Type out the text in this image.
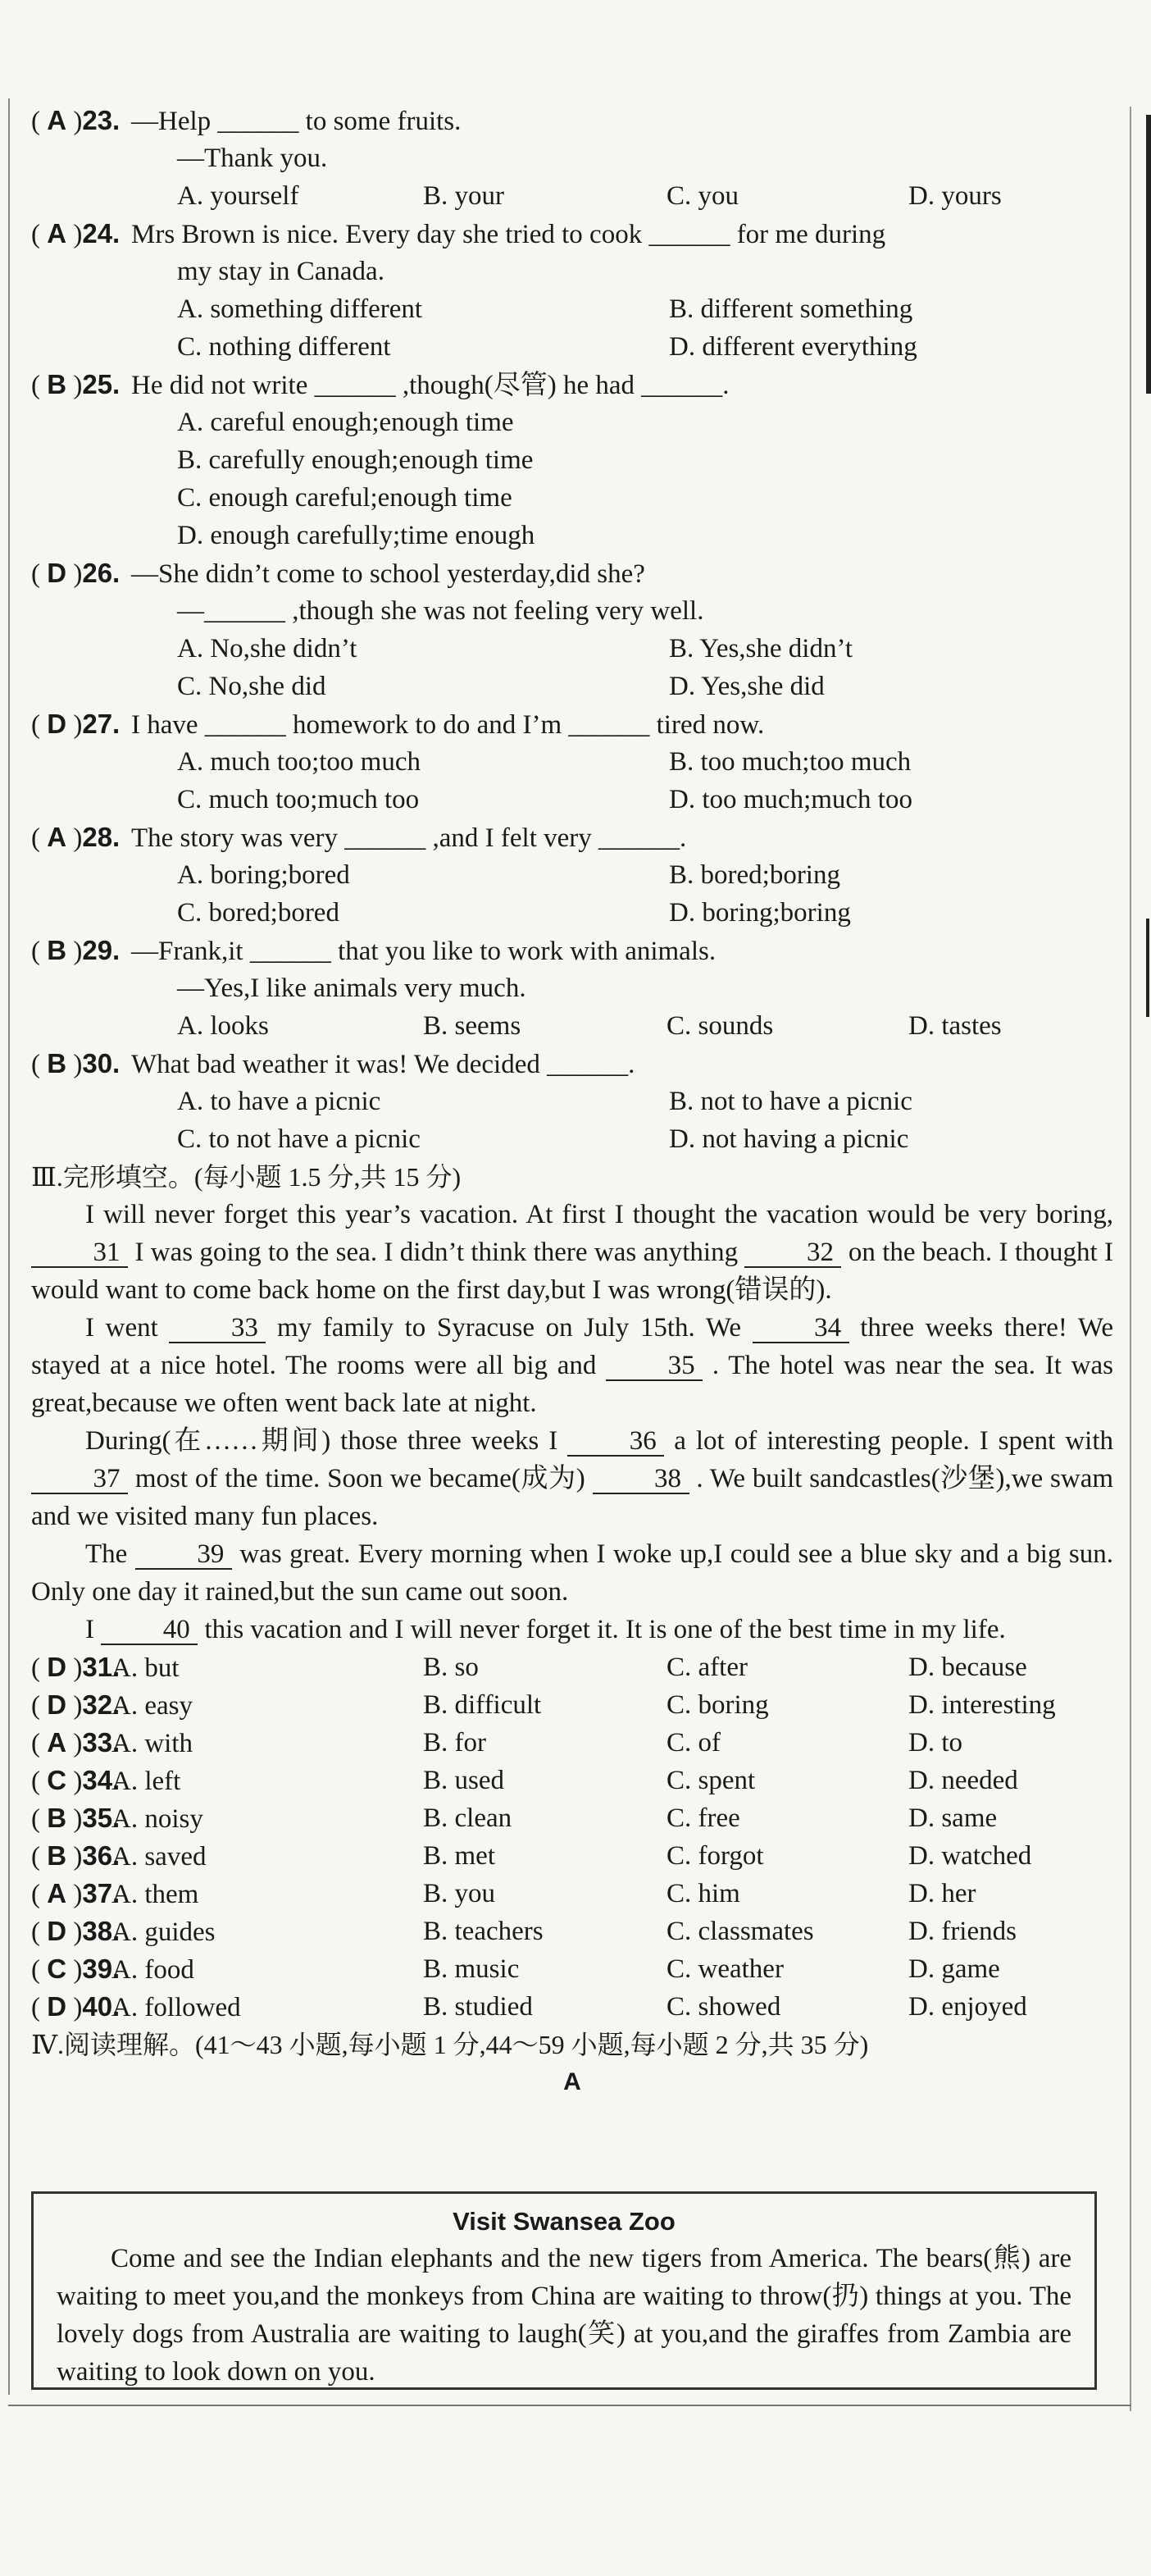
( A )23. —Help ______ to some fruits.
—Thank you.
A. yourself	B. your	C. you	D. yours
( A )24. Mrs Brown is nice. Every day she tried to cook ______ for me during
my stay in Canada.
A. something different	B. different something
C. nothing different	D. different everything
( B )25. He did not write ______ ,though(尽管) he had ______.
A. careful enough;enough time
B. carefully enough;enough time
C. enough careful;enough time
D. enough carefully;time enough
( D )26. —She didn’t come to school yesterday,did she?
—______ ,though she was not feeling very well.
A. No,she didn’t	B. Yes,she didn’t
C. No,she did	D. Yes,she did
( D )27. I have ______ homework to do and I’m ______ tired now.
A. much too;too much	B. too much;too much
C. much too;much too	D. too much;much too
( A )28. The story was very ______ ,and I felt very ______.
A. boring;bored	B. bored;boring
C. bored;bored	D. boring;boring
( B )29. —Frank,it ______ that you like to work with animals.
—Yes,I like animals very much.
A. looks	B. seems	C. sounds	D. tastes
( B )30. What bad weather it was! We decided ______.
A. to have a picnic	B. not to have a picnic
C. to not have a picnic	D. not having a picnic
Ⅲ.完形填空。(每小题 1.5 分,共 15 分)
I will never forget this year’s vacation. At first I thought the vacation would be very boring, 31 I was going to the sea. I didn’t think there was anything	32 on the beach. I thought I would want to come back home on the first day,but I was wrong(错误的).
I went	33 my family to Syracuse on July 15th. We	34 three weeks there! We stayed at a nice hotel. The rooms were all big and	35 . The hotel was near the sea. It was great,because we often went back late at night.
During(在……期间) those three weeks I	36 a lot of interesting people. I spent with 37 most of the time. Soon we became(成为)	38 . We built sandcastles(沙堡),we swam and we visited many fun places.
The	39 was great. Every morning when I woke up,I could see a blue sky and a big sun. Only one day it rained,but the sun came out soon.
I	40 this vacation and I will never forget it. It is one of the best time in my life.
( D )31.A. but	B. so	C. after	D. because
( D )32.A. easy	B. difficult	C. boring	D. interesting
( A )33.A. with	B. for	C. of	D. to
( C )34.A. left	B. used	C. spent	D. needed
( B )35.A. noisy	B. clean	C. free	D. same
( B )36.A. saved	B. met	C. forgot	D. watched
( A )37.A. them	B. you	C. him	D. her
( D )38.A. guides	B. teachers	C. classmates	D. friends
( C )39.A. food	B. music	C. weather	D. game
( D )40.A. followed	B. studied	C. showed	D. enjoyed
Ⅳ.阅读理解。(41～43 小题,每小题 1 分,44～59 小题,每小题 2 分,共 35 分)
A
Visit Swansea Zoo
Come and see the Indian elephants and the new tigers from America. The bears(熊) are waiting to meet you,and the monkeys from China are waiting to throw(扔) things at you. The lovely dogs from Australia are waiting to laugh(笑) at you,and the giraffes from Zambia are waiting to look down on you.
